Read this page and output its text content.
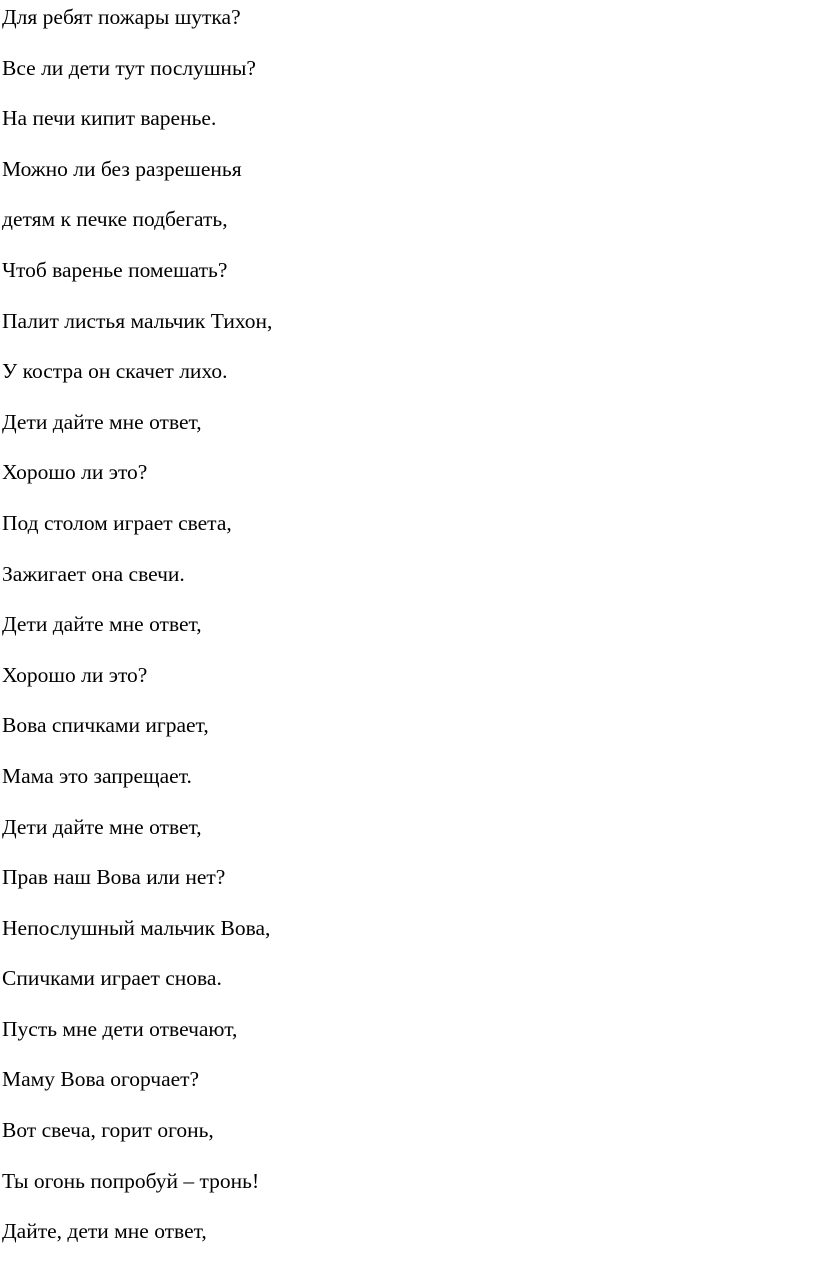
Для ребят пожары шутка?
Все ли дети тут послушны?
На печи кипит варенье.
Можно ли без разрешенья
детям к печке подбегать,
Чтоб варенье помешать?
Палит листья мальчик Тихон,
У костра он скачет лихо.
Дети дайте мне ответ,
Хорошо ли это?
Под столом играет света,
Зажигает она свечи.
Дети дайте мне ответ,
Хорошо ли это?
Вова спичками играет,
Мама это запрещает.
Дети дайте мне ответ,
Прав наш Вова или нет?
Непослушный мальчик Вова,
Спичками играет снова.
Пусть мне дети отвечают,
Маму Вова огорчает?
Вот свеча, горит огонь,
Ты огонь попробуй – тронь!
Дайте, дети мне ответ,
